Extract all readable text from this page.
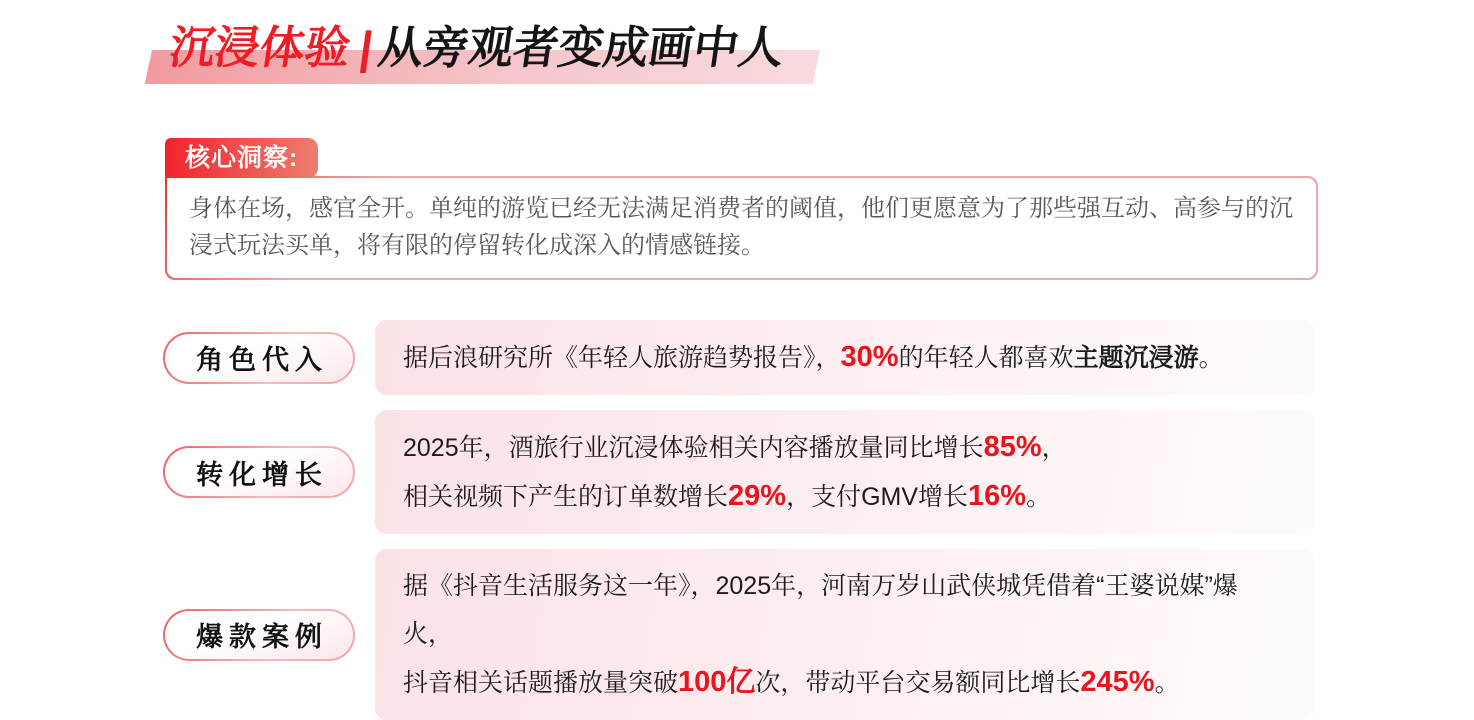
沉浸体验|从旁观者变成画中人
核心洞察:
身体在场，感官全开。单纯的游览已经无法满足消费者的阈值，他们更愿意为了那些强互动、高参与的沉浸式玩法买单，将有限的停留转化成深入的情感链接。
角色代入	据后浪研究所《年轻人旅游趋势报告》，30%的年轻人都喜欢主题沉浸游。
转化增长
2025年，酒旅行业沉浸体验相关内容播放量同比增长85%，
相关视频下产生的订单数增长29%，支付GMV增长16%。
爆款案例
据《抖音生活服务这一年》，2025年，河南万岁山武侠城凭借着“王婆说媒”爆火，
抖音相关话题播放量突破100亿次，带动平台交易额同比增长245%。
